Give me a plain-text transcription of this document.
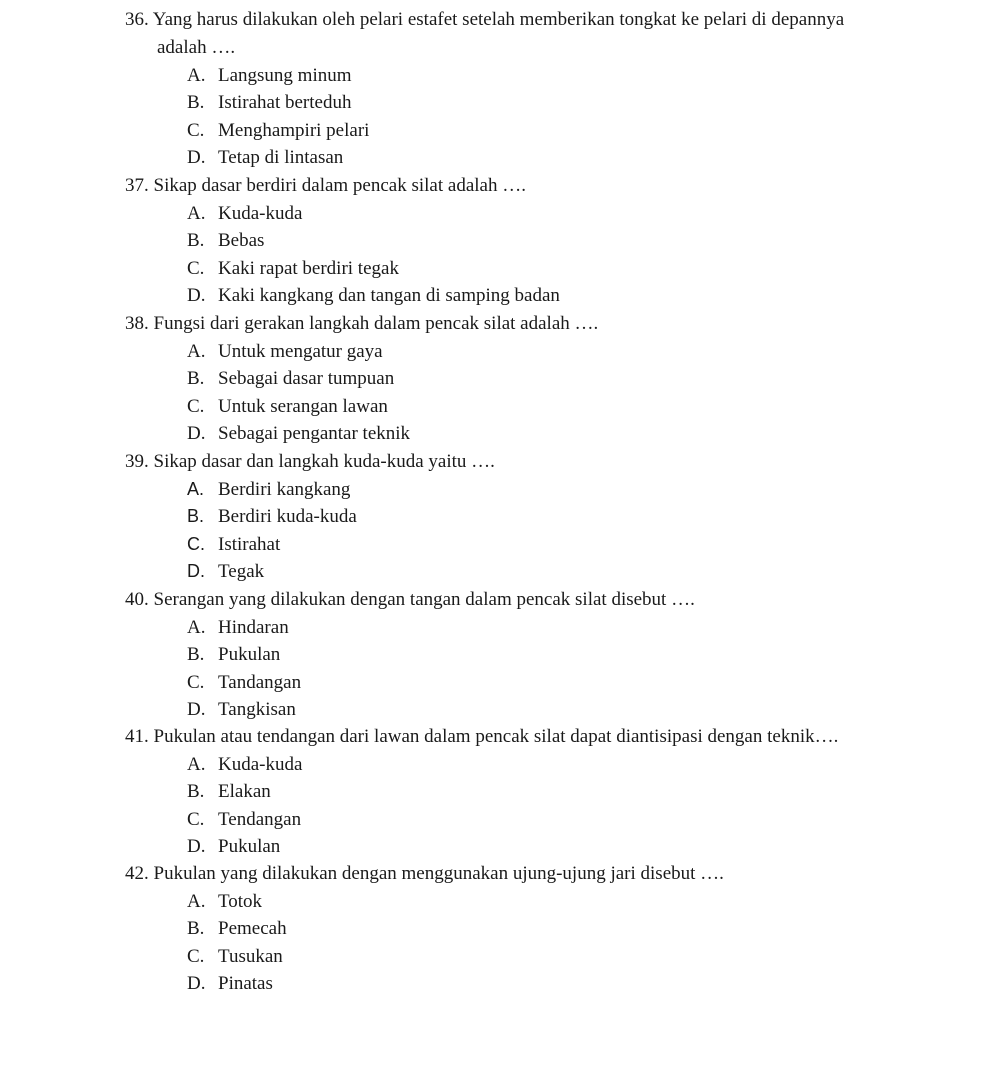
36. Yang harus dilakukan oleh pelari estafet setelah memberikan tongkat ke pelari di depannya
adalah ….
A. Langsung minum
B. Istirahat berteduh
C. Menghampiri pelari
D. Tetap di lintasan
37. Sikap dasar berdiri dalam pencak silat adalah ….
A. Kuda-kuda
B. Bebas
C. Kaki rapat berdiri tegak
D. Kaki kangkang dan tangan di samping badan
38. Fungsi dari gerakan langkah dalam pencak silat adalah ….
A. Untuk mengatur gaya
B. Sebagai dasar tumpuan
C. Untuk serangan lawan
D. Sebagai pengantar teknik
39. Sikap dasar dan langkah kuda-kuda yaitu ….
A. Berdiri kangkang
B. Berdiri kuda-kuda
C. Istirahat
D. Tegak
40. Serangan yang dilakukan dengan tangan dalam pencak silat disebut ….
A. Hindaran
B. Pukulan
C. Tandangan
D. Tangkisan
41. Pukulan atau tendangan dari lawan dalam pencak silat dapat diantisipasi dengan teknik….
A. Kuda-kuda
B. Elakan
C. Tendangan
D. Pukulan
42. Pukulan yang dilakukan dengan menggunakan ujung-ujung jari disebut ….
A. Totok
B. Pemecah
C. Tusukan
D. Pinatas
